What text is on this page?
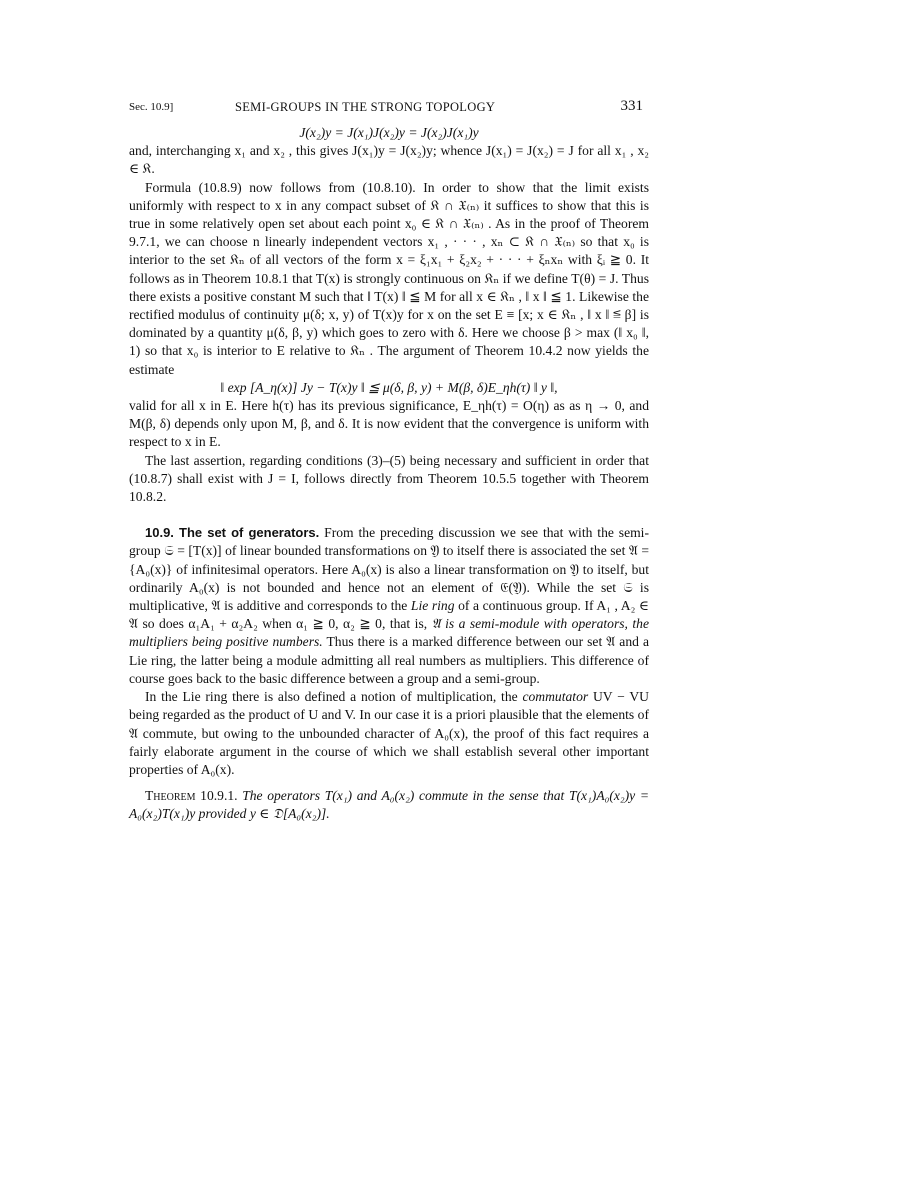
Sec. 10.9]	SEMI-GROUPS IN THE STRONG TOPOLOGY	331

J(x₂)y = J(x₁)J(x₂)y = J(x₂)J(x₁)y

and, interchanging x₁ and x₂ , this gives J(x₁)y = J(x₂)y; whence J(x₁) = J(x₂) = J for all x₁ , x₂ ∈ 𝔎.

Formula (10.8.9) now follows from (10.8.10). In order to show that the limit exists uniformly with respect to x in any compact subset of 𝔎 ∩ 𝔛₍ₙ₎ it suffices to show that this is true in some relatively open set about each point x₀ ∈ 𝔎 ∩ 𝔛₍ₙ₎ . As in the proof of Theorem 9.7.1, we can choose n linearly independent vectors x₁ , · · · , xₙ ⊂ 𝔎 ∩ 𝔛₍ₙ₎ so that x₀ is interior to the set 𝔎ₙ of all vectors of the form x = ξ₁x₁ + ξ₂x₂ + · · · + ξₙxₙ with ξᵢ ≧ 0. It follows as in Theorem 10.8.1 that T(x) is strongly continuous on 𝔎ₙ if we define T(θ) = J. Thus there exists a positive constant M such that ‖ T(x) ‖ ≦ M for all x ∈ 𝔎ₙ , ‖ x ‖ ≦ 1. Likewise the rectified modulus of continuity μ(δ; x, y) of T(x)y for x on the set E ≡ [x; x ∈ 𝔎ₙ , ‖ x ‖ ≦ β] is dominated by a quantity μ(δ, β, y) which goes to zero with δ. Here we choose β > max (‖ x₀ ‖, 1) so that x₀ is interior to E relative to 𝔎ₙ . The argument of Theorem 10.4.2 now yields the estimate

‖ exp [A_η(x)] Jy − T(x)y ‖ ≦ μ(δ, β, y) + M(β, δ)E_ηh(τ) ‖ y ‖,

valid for all x in E. Here h(τ) has its previous significance, E_ηh(τ) = O(η) as as η → 0, and M(β, δ) depends only upon M, β, and δ. It is now evident that the convergence is uniform with respect to x in E.

The last assertion, regarding conditions (3)–(5) being necessary and sufficient in order that (10.8.7) shall exist with J = I, follows directly from Theorem 10.5.5 together with Theorem 10.8.2.

10.9. The set of generators. From the preceding discussion we see that with the semi-group 𝔖 = [T(x)] of linear bounded transformations on 𝔜 to itself there is associated the set 𝔄 = {A₀(x)} of infinitesimal operators. Here A₀(x) is also a linear transformation on 𝔜 to itself, but ordinarily A₀(x) is not bounded and hence not an element of 𝔈(𝔜). While the set 𝔖 is multiplicative, 𝔄 is additive and corresponds to the Lie ring of a continuous group. If A₁ , A₂ ∈ 𝔄 so does α₁A₁ + α₂A₂ when α₁ ≧ 0, α₂ ≧ 0, that is, 𝔄 is a semi-module with operators, the multipliers being positive numbers. Thus there is a marked difference between our set 𝔄 and a Lie ring, the latter being a module admitting all real numbers as multipliers. This difference of course goes back to the basic difference between a group and a semi-group.

In the Lie ring there is also defined a notion of multiplication, the commutator UV − VU being regarded as the product of U and V. In our case it is a priori plausible that the elements of 𝔄 commute, but owing to the unbounded character of A₀(x), the proof of this fact requires a fairly elaborate argument in the course of which we shall establish several other important properties of A₀(x).

Theorem 10.9.1. The operators T(x₁) and A₀(x₂) commute in the sense that T(x₁)A₀(x₂)y = A₀(x₂)T(x₁)y provided y ∈ 𝔇[A₀(x₂)].
